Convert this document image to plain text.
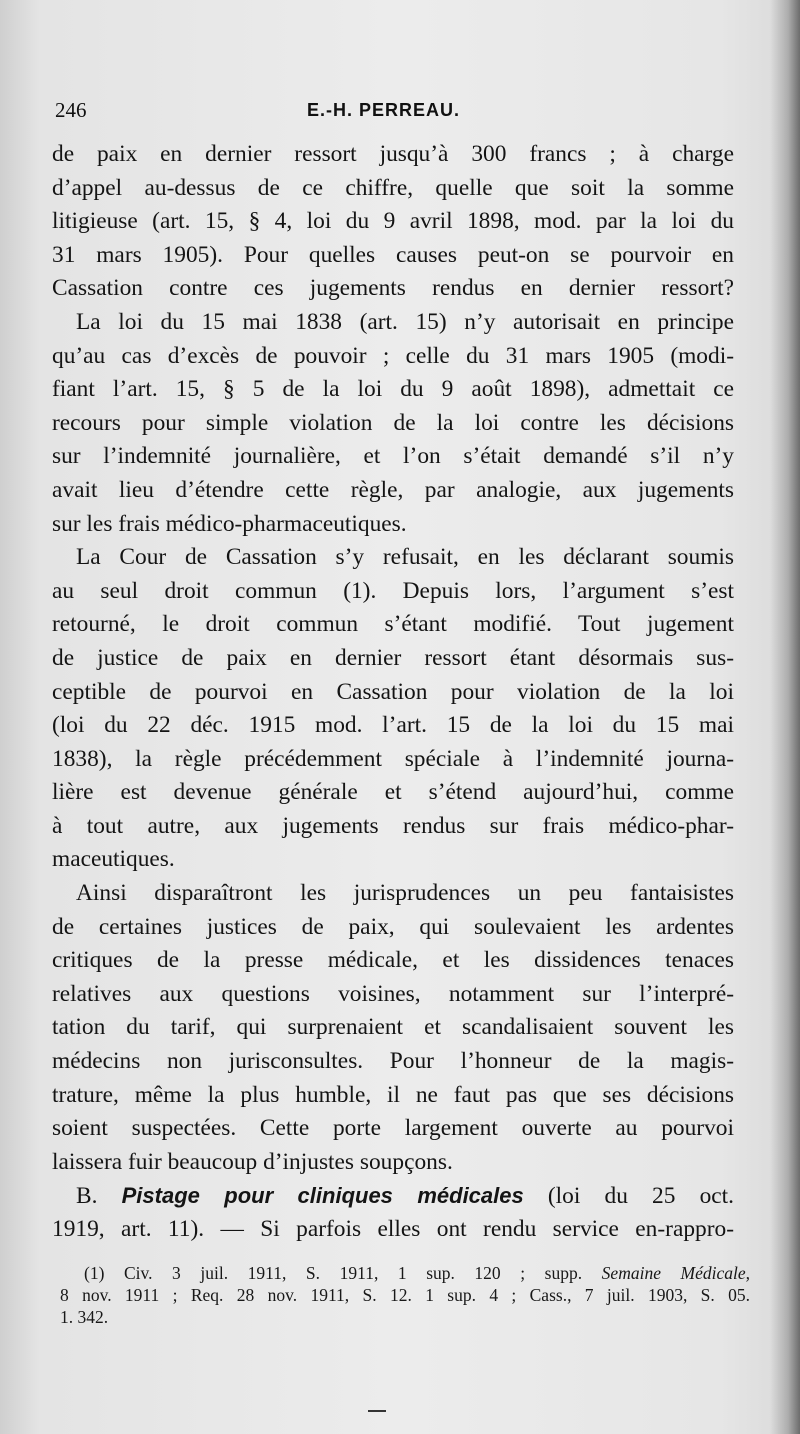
246	E.-H. PERREAU.
de paix en dernier ressort jusqu’à 300 francs ; à charge
d’appel au-dessus de ce chiffre, quelle que soit la somme
litigieuse (art. 15, § 4, loi du 9 avril 1898, mod. par la loi du
31 mars 1905). Pour quelles causes peut-on se pourvoir en
Cassation contre ces jugements rendus en dernier ressort?
La loi du 15 mai 1838 (art. 15) n’y autorisait en principe
qu’au cas d’excès de pouvoir ; celle du 31 mars 1905 (modi-
fiant l’art. 15, § 5 de la loi du 9 août 1898), admettait ce
recours pour simple violation de la loi contre les décisions
sur l’indemnité journalière, et l’on s’était demandé s’il n’y
avait lieu d’étendre cette règle, par analogie, aux jugements
sur les frais médico-pharmaceutiques.
La Cour de Cassation s’y refusait, en les déclarant soumis
au seul droit commun (1). Depuis lors, l’argument s’est
retourné, le droit commun s’étant modifié. Tout jugement
de justice de paix en dernier ressort étant désormais sus-
ceptible de pourvoi en Cassation pour violation de la loi
(loi du 22 déc. 1915 mod. l’art. 15 de la loi du 15 mai
1838), la règle précédemment spéciale à l’indemnité journa-
lière est devenue générale et s’étend aujourd’hui, comme
à tout autre, aux jugements rendus sur frais médico-phar-
maceutiques.
Ainsi disparaîtront les jurisprudences un peu fantaisistes
de certaines justices de paix, qui soulevaient les ardentes
critiques de la presse médicale, et les dissidences tenaces
relatives aux questions voisines, notamment sur l’interpré-
tation du tarif, qui surprenaient et scandalisaient souvent les
médecins non jurisconsultes. Pour l’honneur de la magis-
trature, même la plus humble, il ne faut pas que ses décisions
soient suspectées. Cette porte largement ouverte au pourvoi
laissera fuir beaucoup d’injustes soupçons.
B. Pistage pour cliniques médicales (loi du 25 oct.
1919, art. 11). — Si parfois elles ont rendu service en-rappro-
(1) Civ. 3 juil. 1911, S. 1911, 1 sup. 120 ; supp. Semaine Médicale,
8 nov. 1911 ; Req. 28 nov. 1911, S. 12. 1 sup. 4 ; Cass., 7 juil. 1903, S. 05.
1. 342.
